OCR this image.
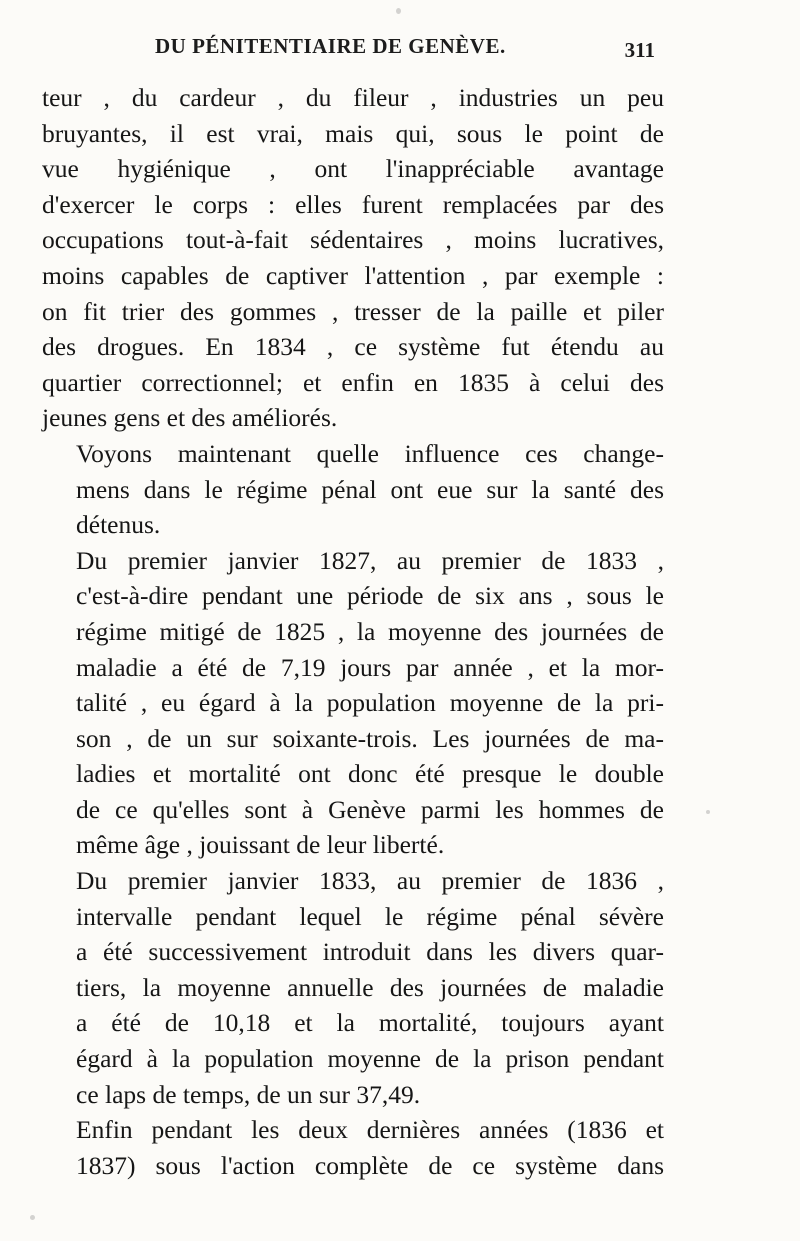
DU PÉNITENTIAIRE DE GENÈVE.	311

teur , du cardeur , du fileur , industries un peu
bruyantes, il est vrai, mais qui, sous le point de
vue hygiénique , ont l'inappréciable avantage
d'exercer le corps : elles furent remplacées par des
occupations tout-à-fait sédentaires , moins lucratives,
moins capables de captiver l'attention , par exemple :
on fit trier des gommes , tresser de la paille et piler
des drogues. En 1834 , ce système fut étendu au
quartier correctionnel; et enfin en 1835 à celui des
jeunes gens et des améliorés.

Voyons maintenant quelle influence ces change-
mens dans le régime pénal ont eue sur la santé des
détenus.

Du premier janvier 1827, au premier de 1833 ,
c'est-à-dire pendant une période de six ans , sous le
régime mitigé de 1825 , la moyenne des journées de
maladie a été de 7,19 jours par année , et la mor-
talité , eu égard à la population moyenne de la pri-
son , de un sur soixante-trois. Les journées de ma-
ladies et mortalité ont donc été presque le double
de ce qu'elles sont à Genève parmi les hommes de
même âge , jouissant de leur liberté.

Du premier janvier 1833, au premier de 1836 ,
intervalle pendant lequel le régime pénal sévère
a été successivement introduit dans les divers quar-
tiers, la moyenne annuelle des journées de maladie
a été de 10,18 et la mortalité, toujours ayant
égard à la population moyenne de la prison pendant
ce laps de temps, de un sur 37,49.

Enfin pendant les deux dernières années (1836 et
1837) sous l'action complète de ce système dans
